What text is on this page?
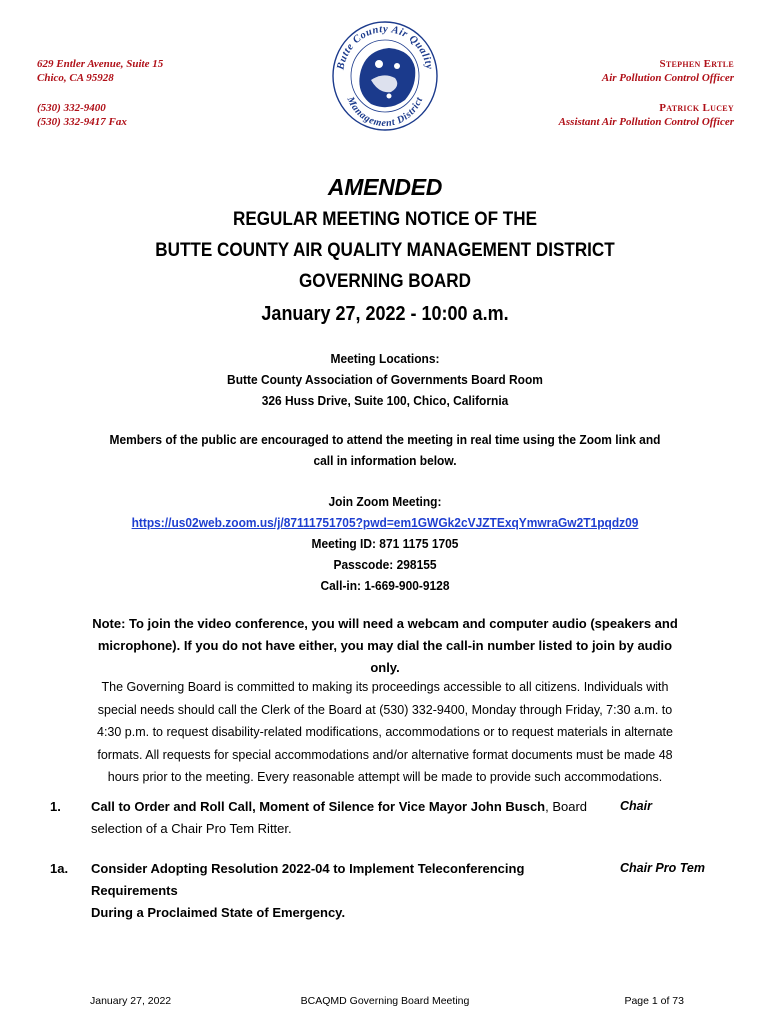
629 Entler Avenue, Suite 15
Chico, CA 95928
(530) 332-9400
(530) 332-9417 Fax
Butte County Air Quality
Management District
Stephen Ertle
Air Pollution Control Officer
Patrick Lucey
Assistant Air Pollution Control Officer
AMENDED
REGULAR MEETING NOTICE OF THE
BUTTE COUNTY AIR QUALITY MANAGEMENT DISTRICT
GOVERNING BOARD
January 27, 2022 - 10:00 a.m.
Meeting Locations:
Butte County Association of Governments Board Room
326 Huss Drive, Suite 100, Chico, California
Members of the public are encouraged to attend the meeting in real time using the Zoom link and
call in information below.
Join Zoom Meeting:
https://us02web.zoom.us/j/87111751705?pwd=em1GWGk2cVJZTExqYmwraGw2T1pqdz09
Meeting ID: 871 1175 1705
Passcode: 298155
Call-in: 1-669-900-9128
Note: To join the video conference, you will need a webcam and computer audio (speakers and
microphone). If you do not have either, you may dial the call-in number listed to join by audio only.
The Governing Board is committed to making its proceedings accessible to all citizens. Individuals with
special needs should call the Clerk of the Board at (530) 332-9400, Monday through Friday, 7:30 a.m. to
4:30 p.m. to request disability-related modifications, accommodations or to request materials in alternate
formats. All requests for special accommodations and/or alternative format documents must be made 48
hours prior to the meeting. Every reasonable attempt will be made to provide such accommodations.
1. Call to Order and Roll Call, Moment of Silence for Vice Mayor John Busch, Board
selection of a Chair Pro Tem Ritter.
Chair
1a. Consider Adopting Resolution 2022-04 to Implement Teleconferencing Requirements
During a Proclaimed State of Emergency.
Chair Pro Tem
January 27, 2022	BCAQMD Governing Board Meeting	Page 1 of 73
